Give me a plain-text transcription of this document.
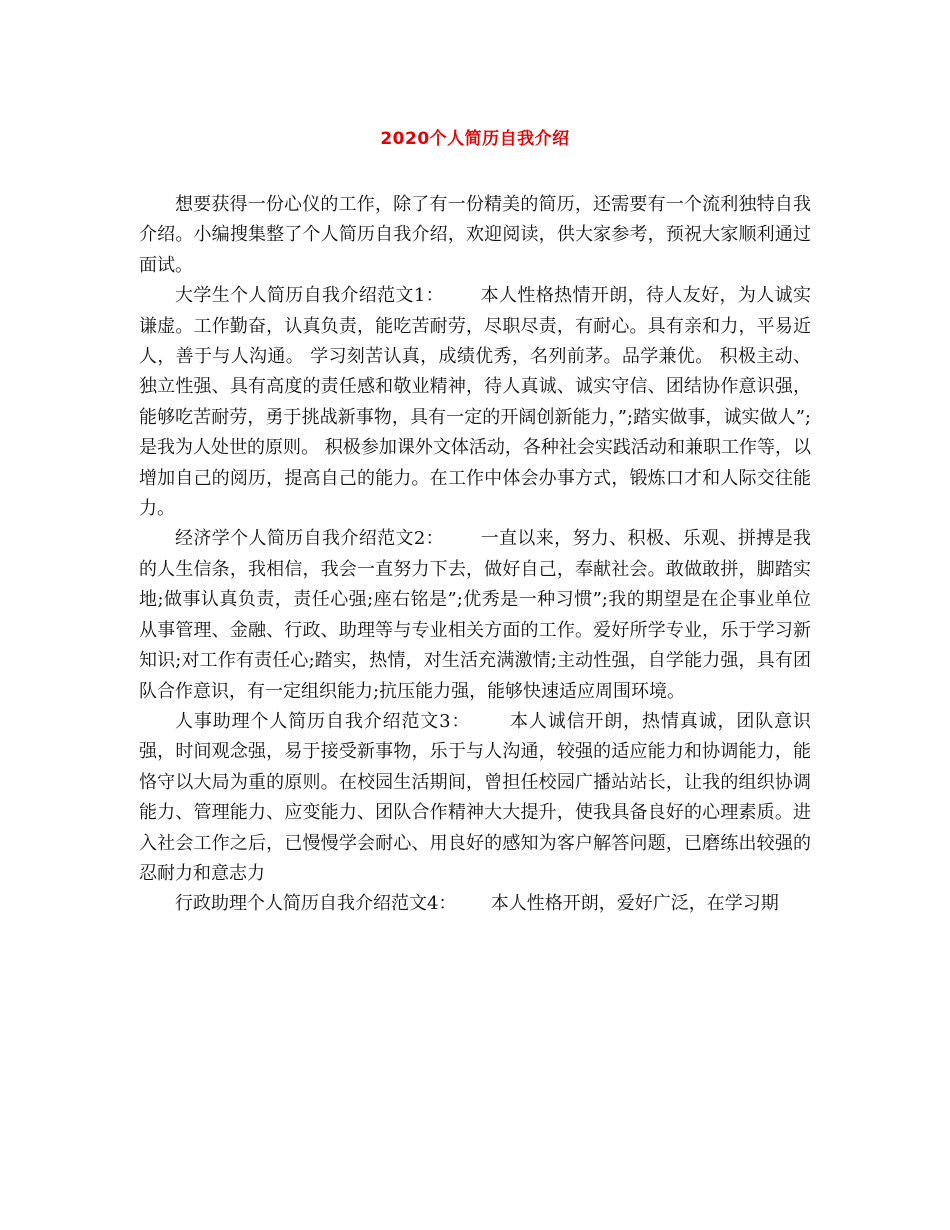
2020个人简历自我介绍

想要获得一份心仪的工作，除了有一份精美的简历，还需要有一个流利独特自我介绍。小编搜集整了个人简历自我介绍，欢迎阅读，供大家参考，预祝大家顺利通过面试。

大学生个人简历自我介绍范文1： 本人性格热情开朗，待人友好，为人诚实谦虚。工作勤奋，认真负责，能吃苦耐劳，尽职尽责，有耐心。具有亲和力，平易近人，善于与人沟通。 学习刻苦认真，成绩优秀，名列前茅。品学兼优。 积极主动、独立性强、具有高度的责任感和敬业精神，待人真诚、诚实守信、团结协作意识强，能够吃苦耐劳，勇于挑战新事物，具有一定的开阔创新能力，”;踏实做事，诚实做人”;是我为人处世的原则。 积极参加课外文体活动，各种社会实践活动和兼职工作等，以增加自己的阅历，提高自己的能力。在工作中体会办事方式，锻炼口才和人际交往能力。

经济学个人简历自我介绍范文2： 一直以来，努力、积极、乐观、拼搏是我的人生信条，我相信，我会一直努力下去，做好自己，奉献社会。敢做敢拼，脚踏实地;做事认真负责，责任心强;座右铭是”;优秀是一种习惯”;我的期望是在企事业单位从事管理、金融、行政、助理等与专业相关方面的工作。爱好所学专业，乐于学习新知识;对工作有责任心;踏实，热情，对生活充满激情;主动性强，自学能力强，具有团队合作意识，有一定组织能力;抗压能力强，能够快速适应周围环境。

人事助理个人简历自我介绍范文3： 本人诚信开朗，热情真诚，团队意识强，时间观念强，易于接受新事物，乐于与人沟通，较强的适应能力和协调能力，能恪守以大局为重的原则。在校园生活期间，曾担任校园广播站站长，让我的组织协调能力、管理能力、应变能力、团队合作精神大大提升，使我具备良好的心理素质。进入社会工作之后，已慢慢学会耐心、用良好的感知为客户解答问题，已磨练出较强的忍耐力和意志力

行政助理个人简历自我介绍范文4： 本人性格开朗，爱好广泛，在学习期
